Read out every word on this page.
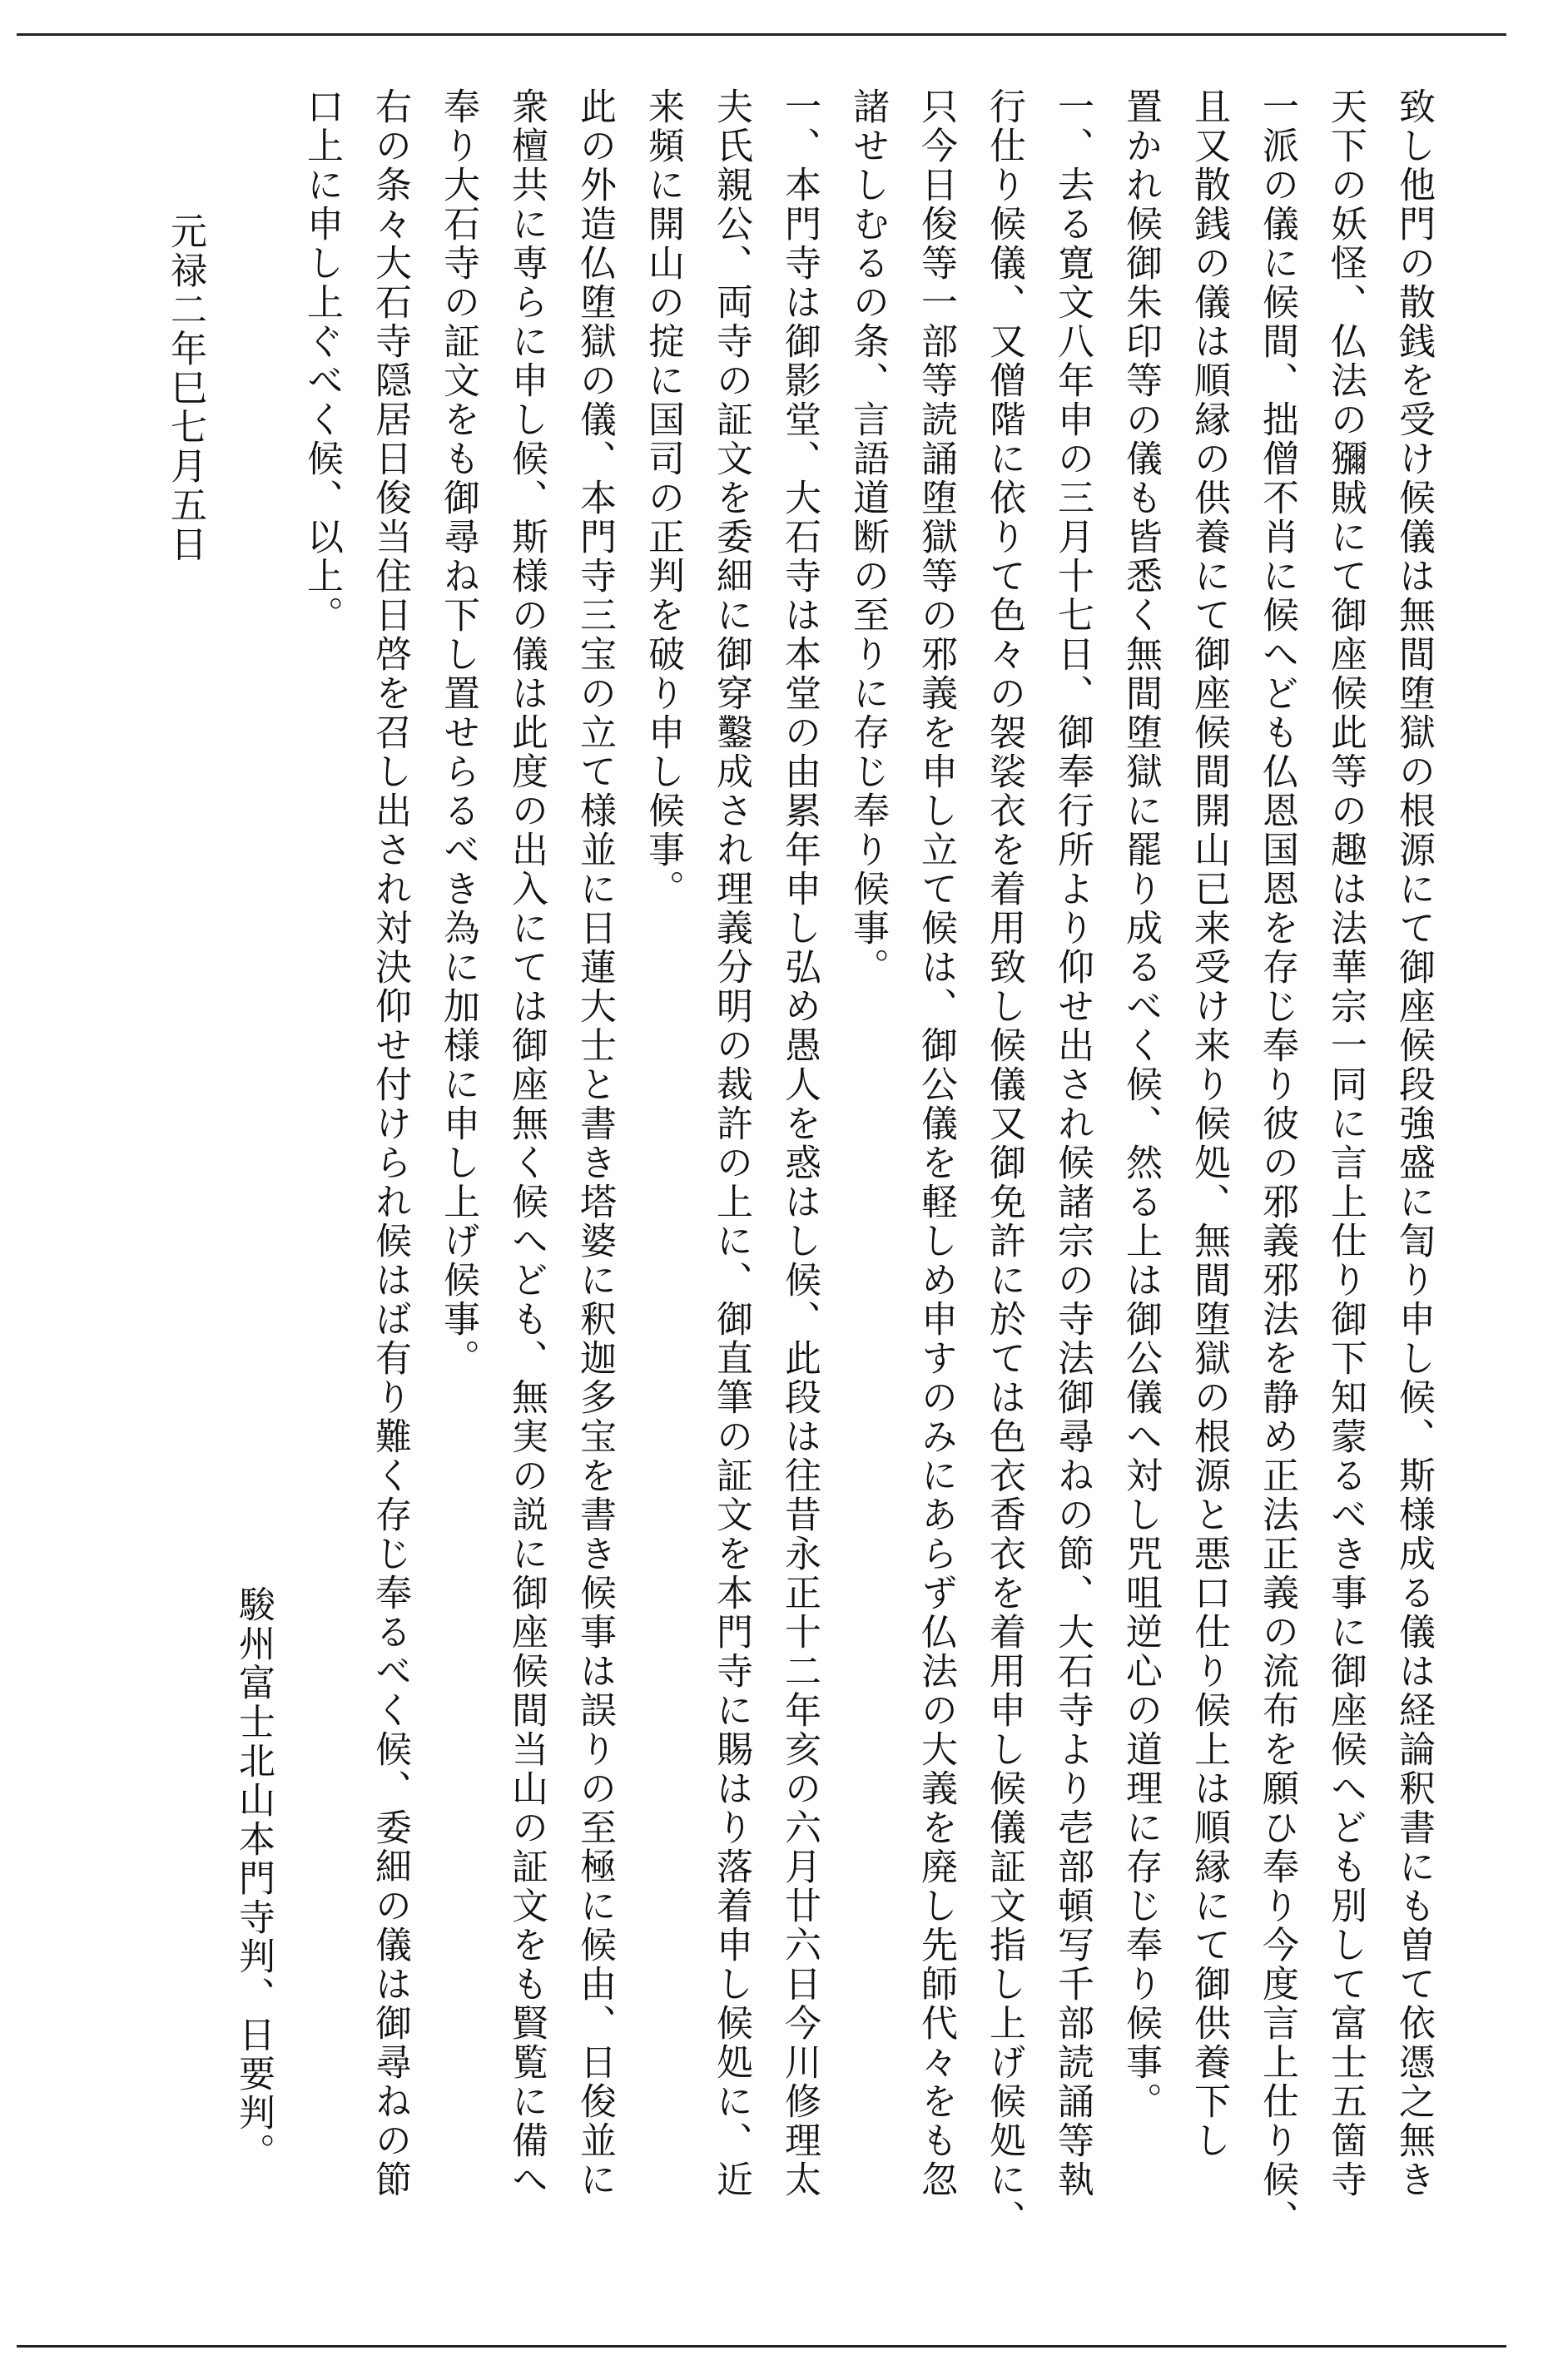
致し他門の散銭を受け候儀は無間堕獄の根源にて御座候段強盛に訇り申し候、斯様成る儀は経論釈書にも曽て依憑之無き
天下の妖怪、仏法の獼賊にて御座候此等の趣は法華宗一同に言上仕り御下知蒙るべき事に御座候へども別して富士五箇寺
一派の儀に候間、拙僧不肖に候へども仏恩国恩を存じ奉り彼の邪義邪法を静め正法正義の流布を願ひ奉り今度言上仕り候、
且又散銭の儀は順縁の供養にて御座候間開山已来受け来り候処、無間堕獄の根源と悪口仕り候上は順縁にて御供養下し
置かれ候御朱印等の儀も皆悉く無間堕獄に罷り成るべく候、然る上は御公儀へ対し咒咀逆心の道理に存じ奉り候事。
一、去る寛文八年申の三月十七日、御奉行所より仰せ出され候諸宗の寺法御尋ねの節、大石寺より壱部頓写千部読誦等執
行仕り候儀、又僧階に依りて色々の袈裟衣を着用致し候儀又御免許に於ては色衣香衣を着用申し候儀証文指し上げ候処に、
只今日俊等一部等読誦堕獄等の邪義を申し立て候は、御公儀を軽しめ申すのみにあらず仏法の大義を廃し先師代々をも忽
諸せしむるの条、言語道断の至りに存じ奉り候事。
一、本門寺は御影堂、大石寺は本堂の由累年申し弘め愚人を惑はし候、此段は往昔永正十二年亥の六月廿六日今川修理太
夫氏親公、両寺の証文を委細に御穿鑿成され理義分明の裁許の上に、御直筆の証文を本門寺に賜はり落着申し候処に、近
来頻に開山の掟に国司の正判を破り申し候事。
此の外造仏堕獄の儀、本門寺三宝の立て様並に日蓮大士と書き塔婆に釈迦多宝を書き候事は誤りの至極に候由、日俊並に
衆檀共に専らに申し候、斯様の儀は此度の出入にては御座無く候へども、無実の説に御座候間当山の証文をも賢覧に備へ
奉り大石寺の証文をも御尋ね下し置せらるべき為に加様に申し上げ候事。
右の条々大石寺隠居日俊当住日啓を召し出され対決仰せ付けられ候はば有り難く存じ奉るべく候、委細の儀は御尋ねの節
口上に申し上ぐべく候、以上。
駿州富士北山本門寺判、日要判。
元禄二年巳七月五日
